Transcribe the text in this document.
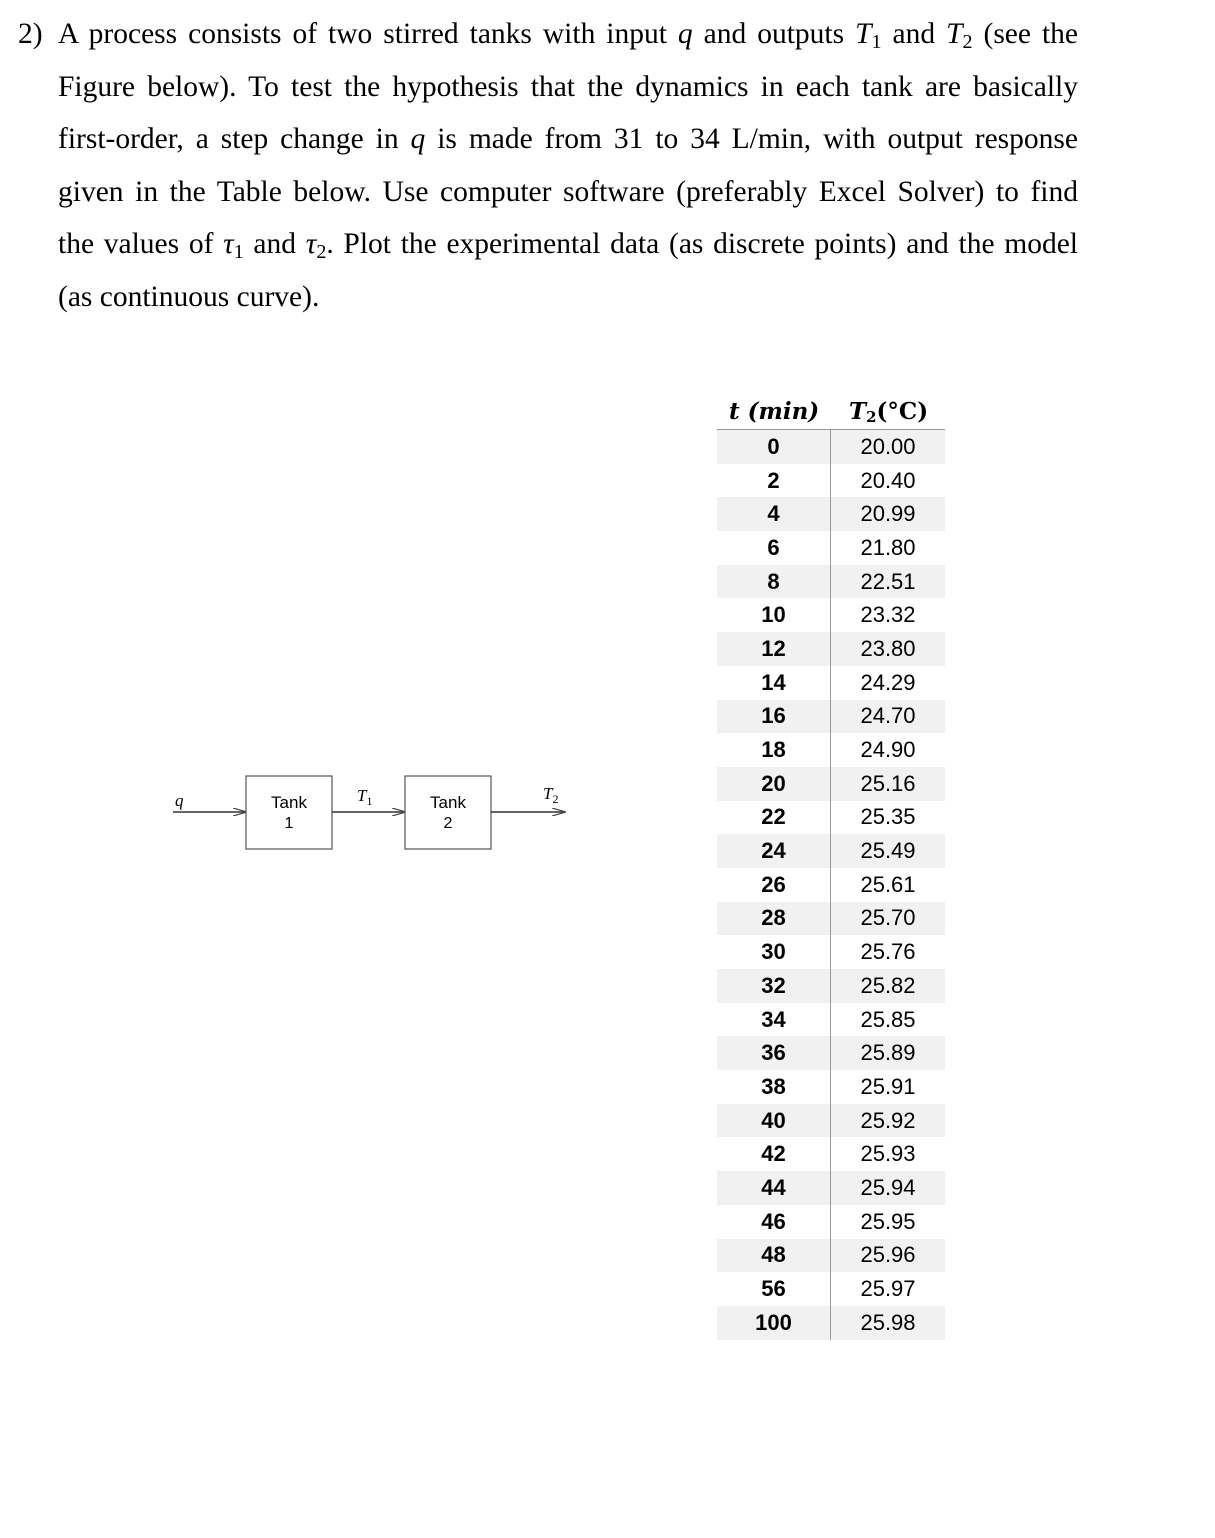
2) A process consists of two stirred tanks with input q and outputs $T_1$ and $T_2$ (see the
Figure below). To test the hypothesis that the dynamics in each tank are basically
first-order, a step change in q is made from 31 to 34 L/min, with output response
given in the Table below. Use computer software (preferably Excel Solver) to find
the values of $\tau_1$ and $\tau_2$. Plot the experimental data (as discrete points) and the model
(as continuous curve).
q	Tank
1
$T_1$	Tank
2
$T_2$
t (min) $T_2(^\circ C)$
0	20.00
2	20.40
4	20.99
6	21.80
8	22.51
10	23.32
12	23.80
14	24.29
16	24.70
18	24.90
20	25.16
22	25.35
24	25.49
26	25.61
28	25.70
30	25.76
32	25.82
34	25.85
36	25.89
38	25.91
40	25.92
42	25.93
44	25.94
46	25.95
48	25.96
56	25.97
100	25.98
